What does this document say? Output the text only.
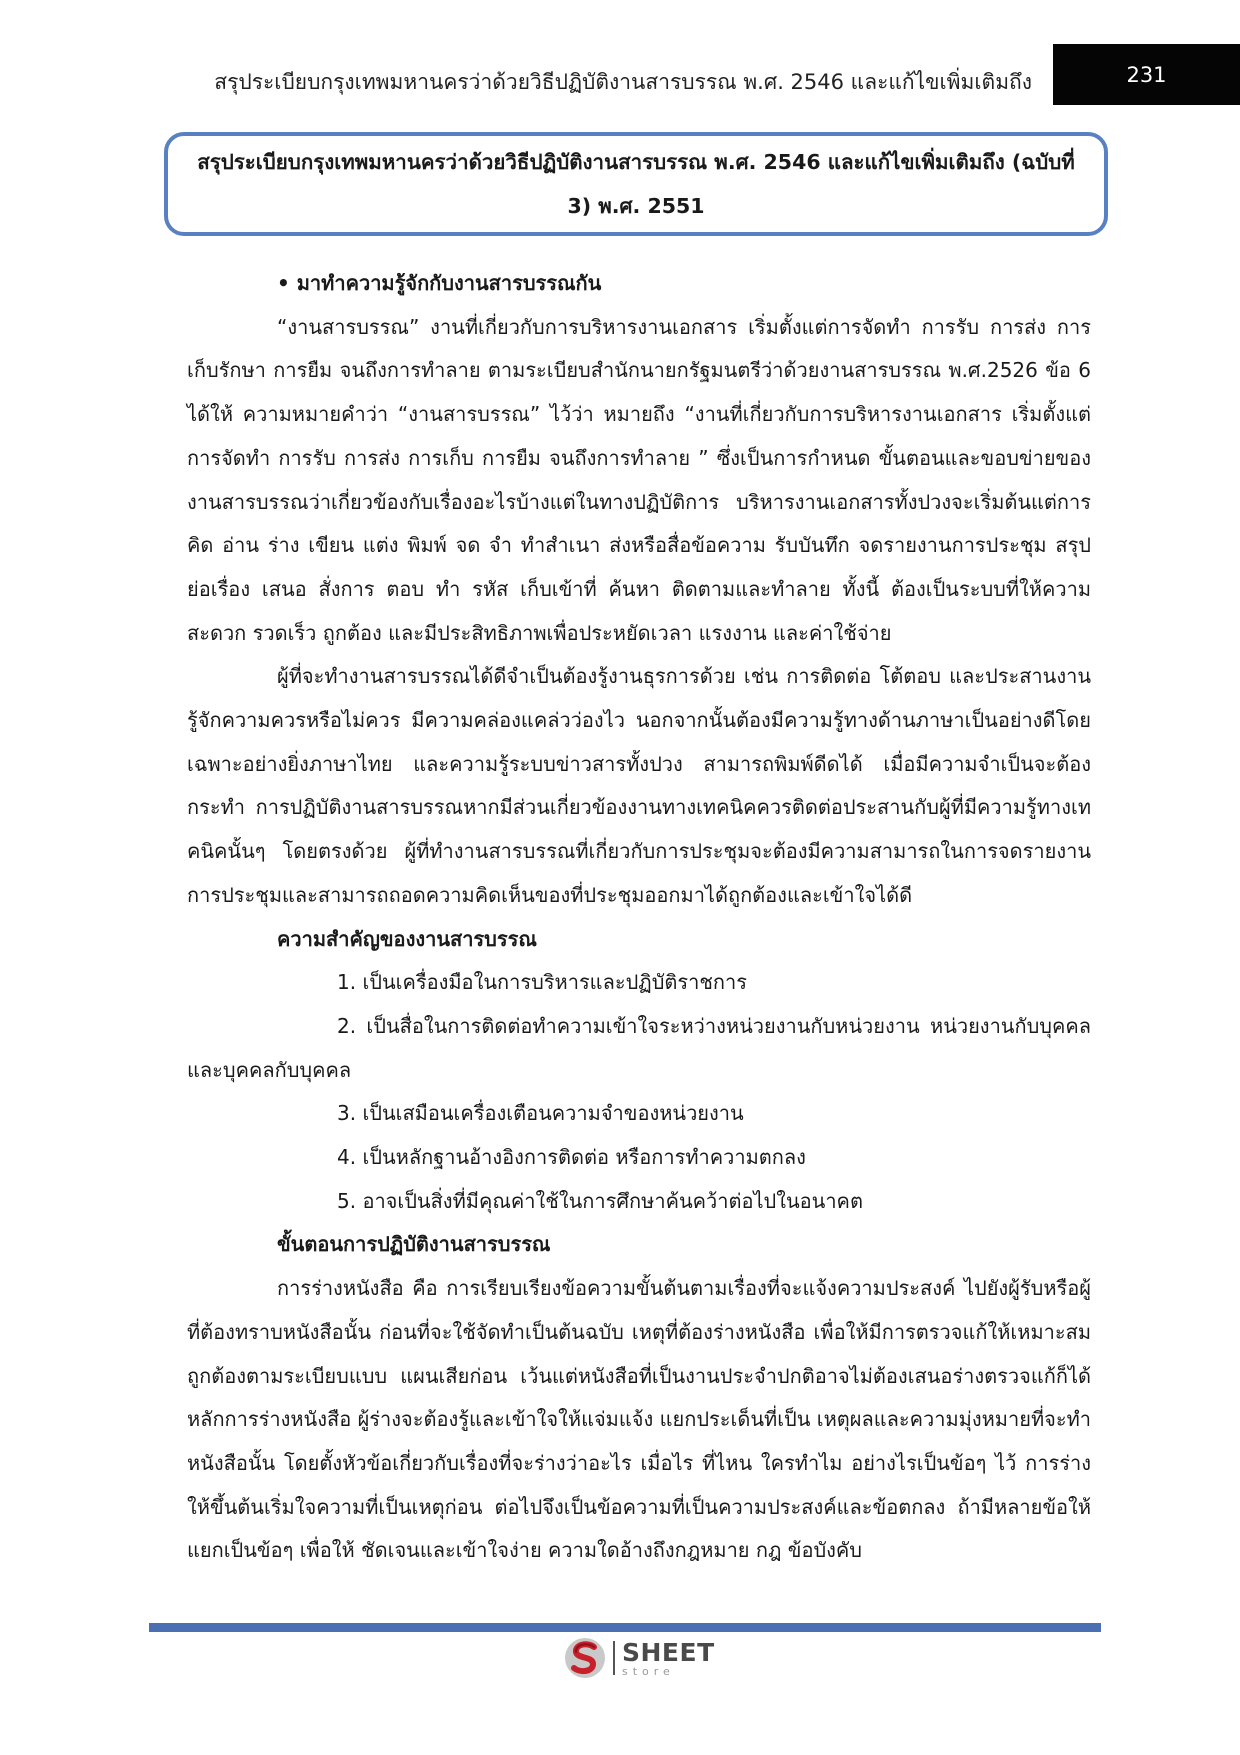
สรุประเบียบกรุงเทพมหานครว่าด้วยวิธีปฏิบัติงานสารบรรณ พ.ศ. 2546 และแก้ไขเพิ่มเติมถึง	231
สรุประเบียบกรุงเทพมหานครว่าด้วยวิธีปฏิบัติงานสารบรรณ พ.ศ. 2546 และแก้ไขเพิ่มเติมถึง (ฉบับที่ 3) พ.ศ. 2551

• มาทำความรู้จักกับงานสารบรรณกัน

“งานสารบรรณ” งานที่เกี่ยวกับการบริหารงานเอกสาร เริ่มตั้งแต่การจัดทำ การรับ การส่ง การเก็บรักษา การยืม จนถึงการทำลาย ตามระเบียบสำนักนายกรัฐมนตรีว่าด้วยงานสารบรรณ พ.ศ.2526 ข้อ 6 ได้ให้ ความหมายคำว่า “งานสารบรรณ” ไว้ว่า หมายถึง “งานที่เกี่ยวกับการบริหารงานเอกสาร เริ่มตั้งแต่การจัดทำ การรับ การส่ง การเก็บ การยืม จนถึงการทำลาย ” ซึ่งเป็นการกำหนด ขั้นตอนและขอบข่ายของงานสารบรรณว่าเกี่ยวข้องกับเรื่องอะไรบ้างแต่ในทางปฏิบัติการ บริหารงานเอกสารทั้งปวงจะเริ่มต้นแต่การคิด อ่าน ร่าง เขียน แต่ง พิมพ์ จด จำ ทำสำเนา ส่งหรือสื่อข้อความ รับบันทึก จดรายงานการประชุม สรุป ย่อเรื่อง เสนอ สั่งการ ตอบ ทำ รหัส เก็บเข้าที่ ค้นหา ติดตามและทำลาย ทั้งนี้ ต้องเป็นระบบที่ให้ความสะดวก รวดเร็ว ถูกต้อง และมีประสิทธิภาพเพื่อประหยัดเวลา แรงงาน และค่าใช้จ่าย

ผู้ที่จะทำงานสารบรรณได้ดีจำเป็นต้องรู้งานธุรการด้วย เช่น การติดต่อ โต้ตอบ และประสานงาน รู้จักความควรหรือไม่ควร มีความคล่องแคล่วว่องไว นอกจากนั้นต้องมีความรู้ทางด้านภาษาเป็นอย่างดีโดยเฉพาะอย่างยิ่งภาษาไทย และความรู้ระบบข่าวสารทั้งปวง สามารถพิมพ์ดีดได้ เมื่อมีความจำเป็นจะต้องกระทำ การปฏิบัติงานสารบรรณหากมีส่วนเกี่ยวข้องงานทางเทคนิคควรติดต่อประสานกับผู้ที่มีความรู้ทางเทคนิคนั้นๆ โดยตรงด้วย ผู้ที่ทำงานสารบรรณที่เกี่ยวกับการประชุมจะต้องมีความสามารถในการจดรายงานการประชุมและสามารถถอดความคิดเห็นของที่ประชุมออกมาได้ถูกต้องและเข้าใจได้ดี

ความสำคัญของงานสารบรรณ

1. เป็นเครื่องมือในการบริหารและปฏิบัติราชการ

2. เป็นสื่อในการติดต่อทำความเข้าใจระหว่างหน่วยงานกับหน่วยงาน หน่วยงานกับบุคคลและบุคคลกับบุคคล

3. เป็นเสมือนเครื่องเตือนความจำของหน่วยงาน

4. เป็นหลักฐานอ้างอิงการติดต่อ หรือการทำความตกลง

5. อาจเป็นสิ่งที่มีคุณค่าใช้ในการศึกษาค้นคว้าต่อไปในอนาคต

ขั้นตอนการปฏิบัติงานสารบรรณ

การร่างหนังสือ คือ การเรียบเรียงข้อความขั้นต้นตามเรื่องที่จะแจ้งความประสงค์ ไปยังผู้รับหรือผู้ที่ต้องทราบหนังสือนั้น ก่อนที่จะใช้จัดทำเป็นต้นฉบับ เหตุที่ต้องร่างหนังสือ เพื่อให้มีการตรวจแก้ให้เหมาะสมถูกต้องตามระเบียบแบบ แผนเสียก่อน เว้นแต่หนังสือที่เป็นงานประจำปกติอาจไม่ต้องเสนอร่างตรวจแก้ก็ได้ หลักการร่างหนังสือ ผู้ร่างจะต้องรู้และเข้าใจให้แจ่มแจ้ง แยกประเด็นที่เป็น เหตุผลและความมุ่งหมายที่จะทำหนังสือนั้น โดยตั้งหัวข้อเกี่ยวกับเรื่องที่จะร่างว่าอะไร เมื่อไร ที่ไหน ใครทำไม อย่างไรเป็นข้อๆ ไว้ การร่างให้ขึ้นต้นเริ่มใจความที่เป็นเหตุก่อน ต่อไปจึงเป็นข้อความที่เป็นความประสงค์และข้อตกลง ถ้ามีหลายข้อให้แยกเป็นข้อๆ เพื่อให้ ชัดเจนและเข้าใจง่าย ความใดอ้างถึงกฎหมาย กฎ ข้อบังคับ

SHEET
store
